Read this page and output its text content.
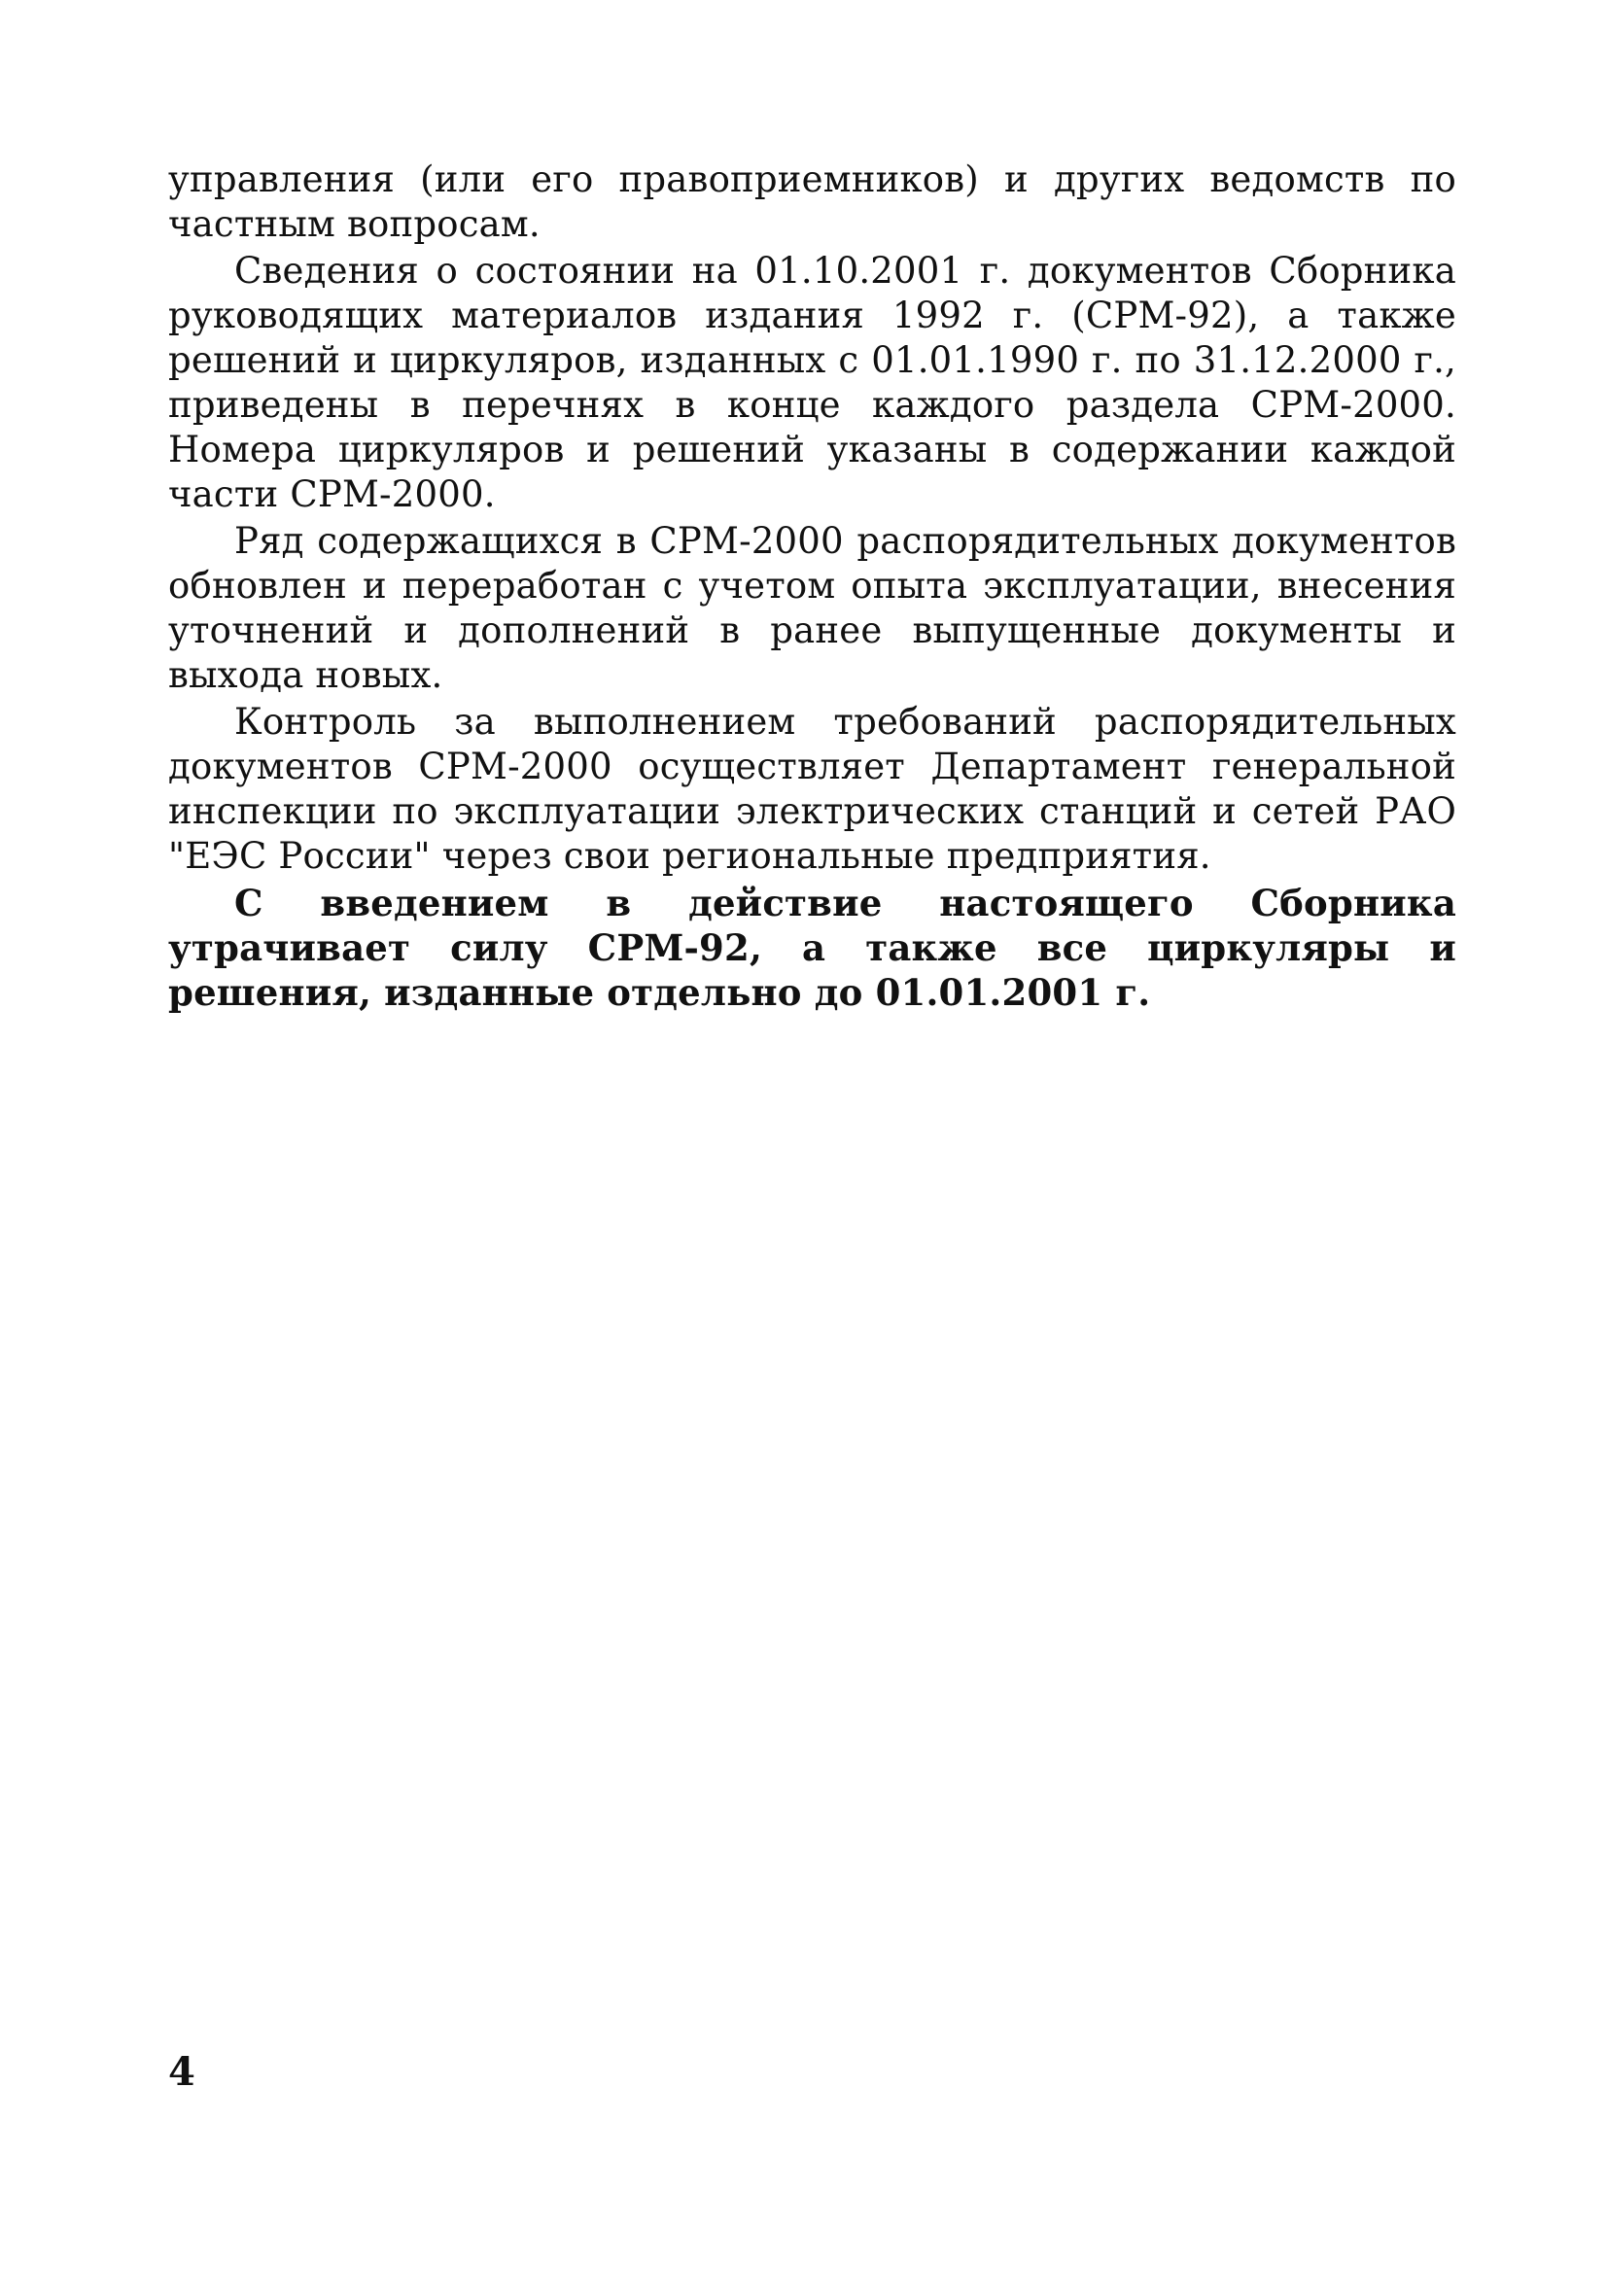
управления (или его правоприемников) и других ведомств по частным вопросам.

Сведения о состоянии на 01.10.2001 г. документов Сборника руководящих материалов издания 1992 г. (СРМ-92), а также решений и циркуляров, изданных с 01.01.1990 г. по 31.12.2000 г., приведены в перечнях в конце каждого раздела СРМ-2000. Номера циркуляров и решений указаны в содержании каждой части СРМ-2000.

Ряд содержащихся в СРМ-2000 распорядительных документов обновлен и переработан с учетом опыта эксплуатации, внесения уточнений и дополнений в ранее выпущенные документы и выхода новых.

Контроль за выполнением требований распорядительных документов СРМ-2000 осуществляет Департамент генеральной инспекции по эксплуатации электрических станций и сетей РАО "ЕЭС России" через свои региональные предприятия.

С введением в действие настоящего Сборника утрачивает силу СРМ-92, а также все циркуляры и решения, изданные отдельно до 01.01.2001 г.

4
